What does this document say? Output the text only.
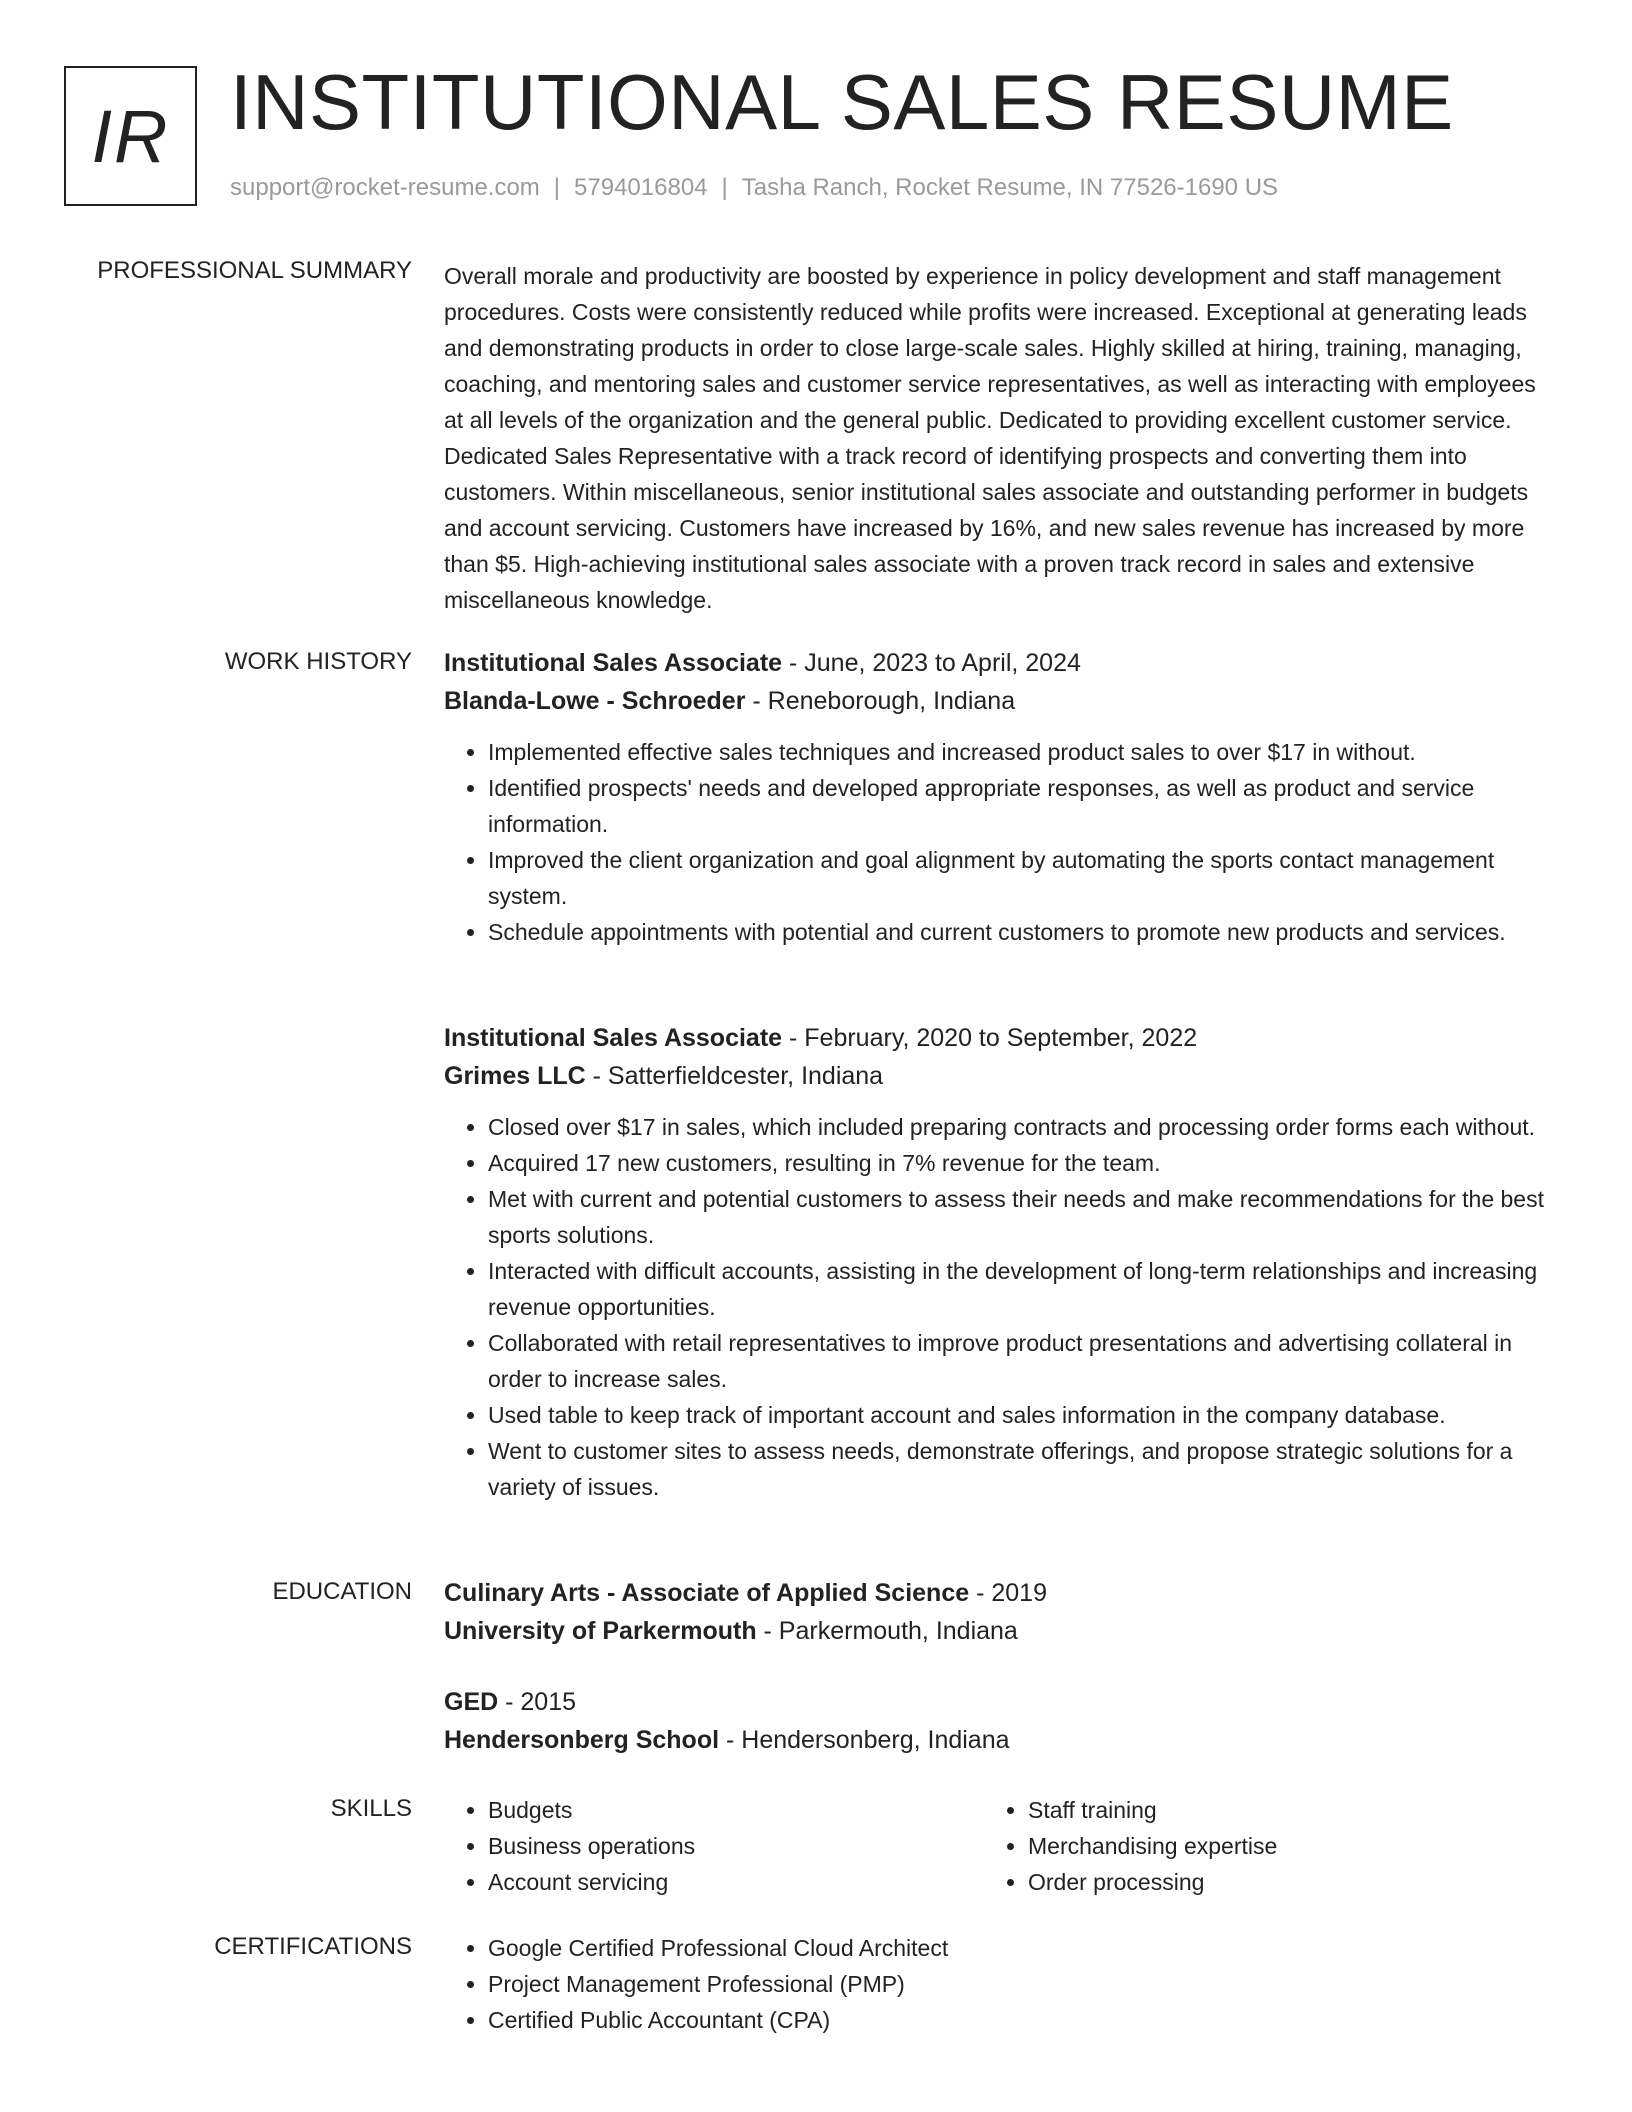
IR INSTITUTIONAL SALES RESUME
support@rocket-resume.com | 5794016804 | Tasha Ranch, Rocket Resume, IN 77526-1690 US
PROFESSIONAL SUMMARY Overall morale and productivity are boosted by experience in policy development and staff management procedures. Costs were consistently reduced while profits were increased. Exceptional at generating leads and demonstrating products in order to close large-scale sales. Highly skilled at hiring, training, managing, coaching, and mentoring sales and customer service representatives, as well as interacting with employees at all levels of the organization and the general public. Dedicated to providing excellent customer service. Dedicated Sales Representative with a track record of identifying prospects and converting them into customers. Within miscellaneous, senior institutional sales associate and outstanding performer in budgets and account servicing. Customers have increased by 16%, and new sales revenue has increased by more than $5. High-achieving institutional sales associate with a proven track record in sales and extensive miscellaneous knowledge.
WORK HISTORY Institutional Sales Associate - June, 2023 to April, 2024

Blanda-Lowe - Schroeder - Reneborough, Indiana

• Implemented effective sales techniques and increased product sales to over $17 in without.
• Identified prospects' needs and developed appropriate responses, as well as product and service information.
• Improved the client organization and goal alignment by automating the sports contact management system.
• Schedule appointments with potential and current customers to promote new products and services.

Institutional Sales Associate - February, 2020 to September, 2022

Grimes LLC - Satterfieldcester, Indiana

• Closed over $17 in sales, which included preparing contracts and processing order forms each without.
• Acquired 17 new customers, resulting in 7% revenue for the team.
• Met with current and potential customers to assess their needs and make recommendations for the best sports solutions.
• Interacted with difficult accounts, assisting in the development of long-term relationships and increasing revenue opportunities.
• Collaborated with retail representatives to improve product presentations and advertising collateral in order to increase sales.
• Used table to keep track of important account and sales information in the company database.
• Went to customer sites to assess needs, demonstrate offerings, and propose strategic solutions for a variety of issues.
EDUCATION Culinary Arts - Associate of Applied Science - 2019

University of Parkermouth - Parkermouth, Indiana

GED - 2015

Hendersonberg School - Hendersonberg, Indiana

SKILLS	• Budgets
• Business operations
• Account servicing
• Staff training
• Merchandising expertise
• Order processing
CERTIFICATIONS	• Google Certified Professional Cloud Architect
• Project Management Professional (PMP)
• Certified Public Accountant (CPA)
